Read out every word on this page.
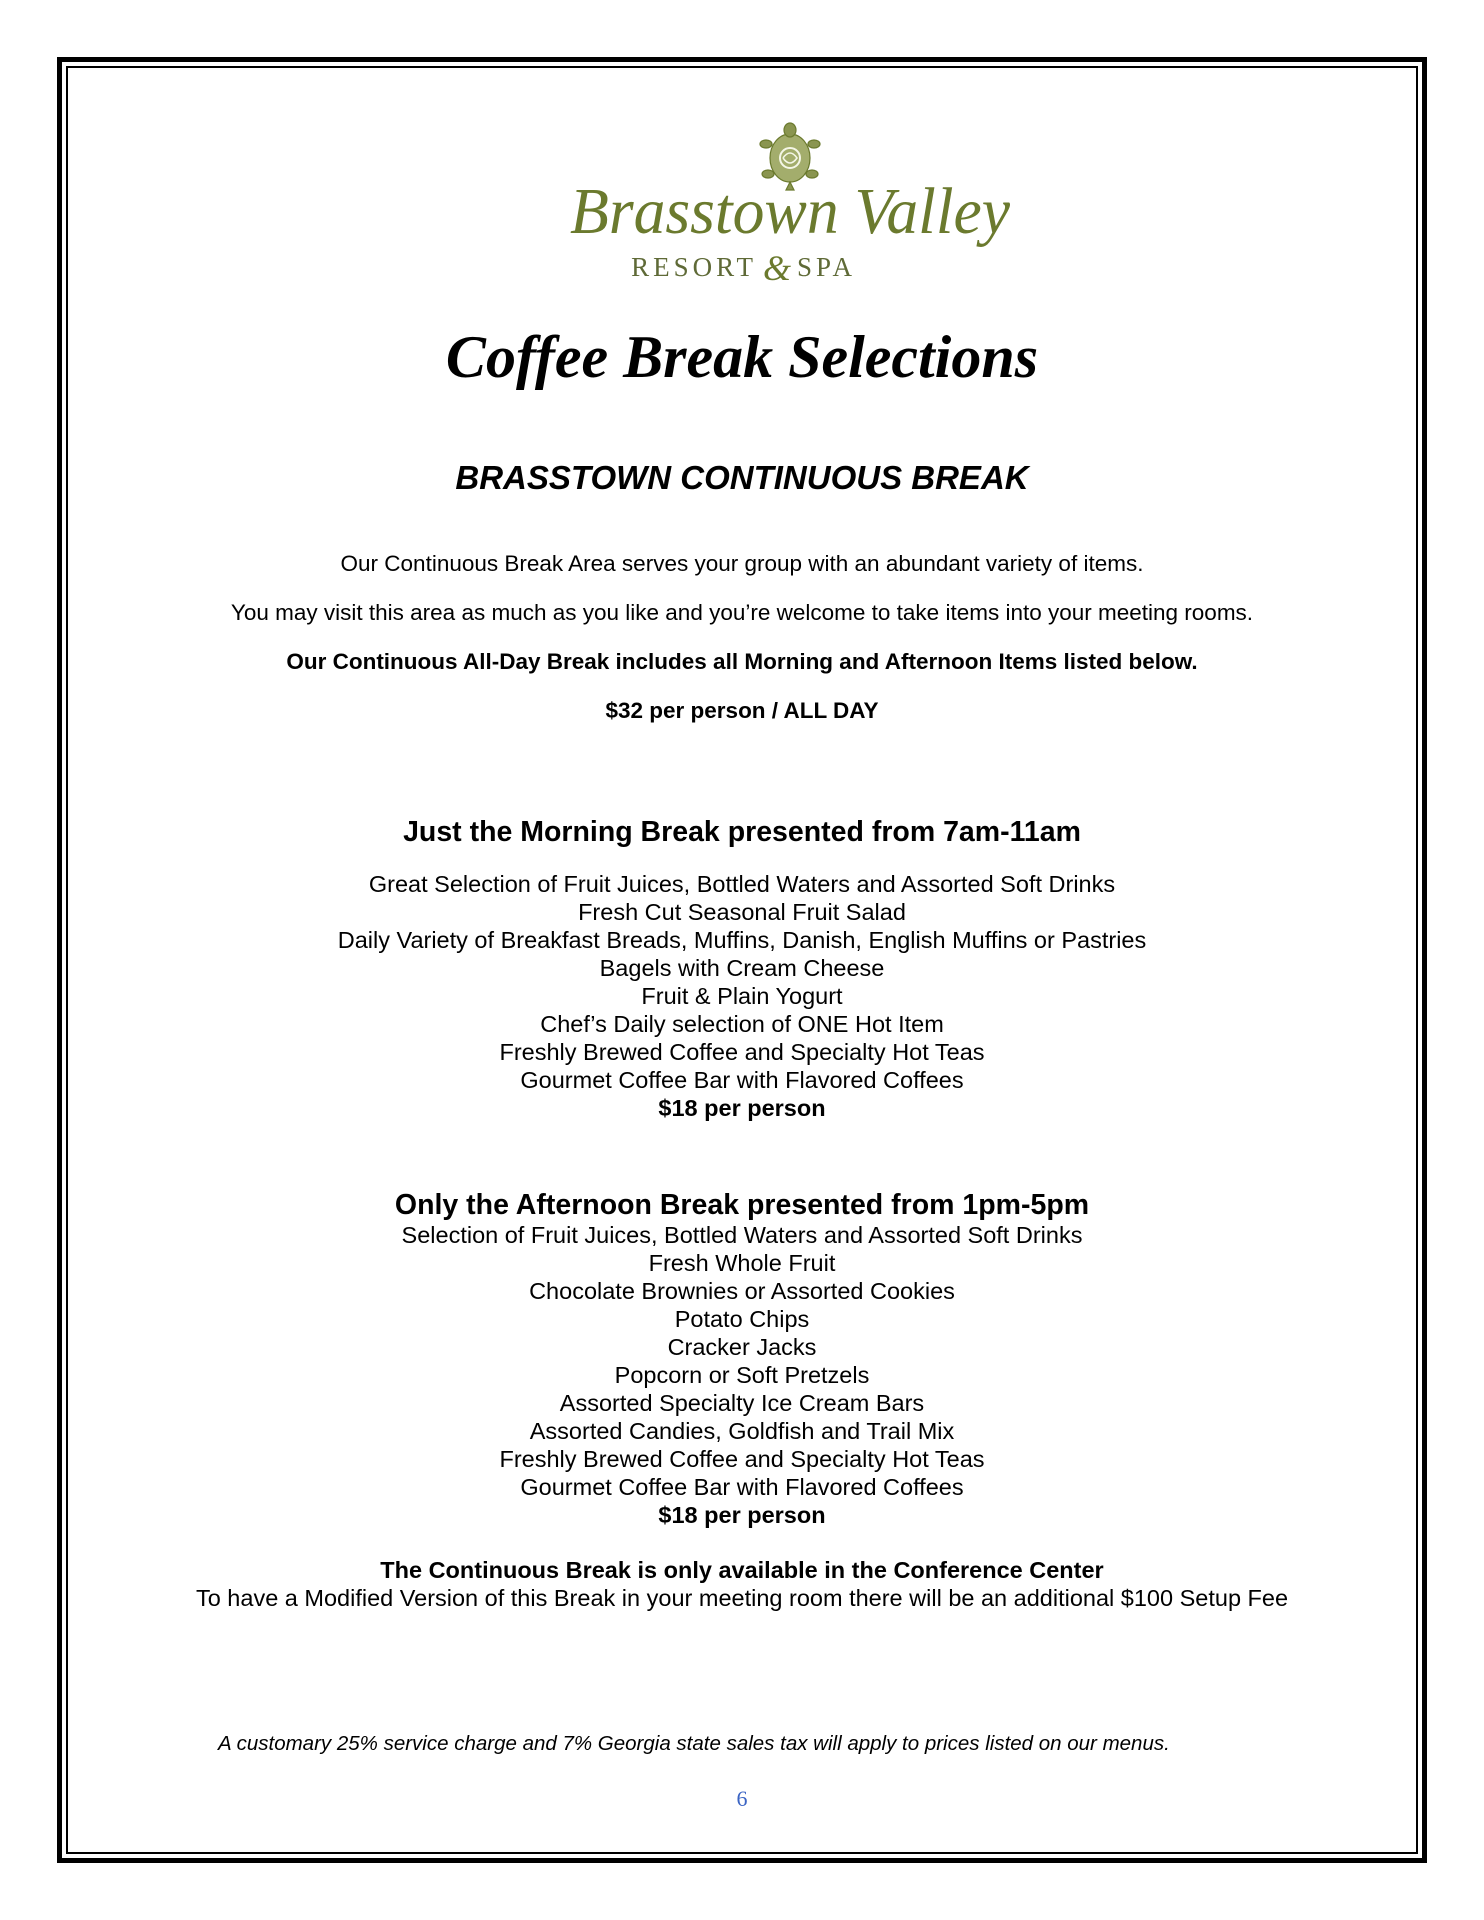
Brasstown Valley
RESORT & SPA
Coffee Break Selections
BRASSTOWN CONTINUOUS BREAK
Our Continuous Break Area serves your group with an abundant variety of items.
You may visit this area as much as you like and you’re welcome to take items into your meeting rooms.
Our Continuous All-Day Break includes all Morning and Afternoon Items listed below.
$32 per person / ALL DAY
Just the Morning Break presented from 7am-11am
Great Selection of Fruit Juices, Bottled Waters and Assorted Soft Drinks
Fresh Cut Seasonal Fruit Salad
Daily Variety of Breakfast Breads, Muffins, Danish, English Muffins or Pastries
Bagels with Cream Cheese
Fruit & Plain Yogurt
Chef’s Daily selection of ONE Hot Item
Freshly Brewed Coffee and Specialty Hot Teas
Gourmet Coffee Bar with Flavored Coffees
$18 per person
Only the Afternoon Break presented from 1pm-5pm
Selection of Fruit Juices, Bottled Waters and Assorted Soft Drinks
Fresh Whole Fruit
Chocolate Brownies or Assorted Cookies
Potato Chips
Cracker Jacks
Popcorn or Soft Pretzels
Assorted Specialty Ice Cream Bars
Assorted Candies, Goldfish and Trail Mix
Freshly Brewed Coffee and Specialty Hot Teas
Gourmet Coffee Bar with Flavored Coffees
$18 per person
The Continuous Break is only available in the Conference Center
To have a Modified Version of this Break in your meeting room there will be an additional $100 Setup Fee
A customary 25% service charge and 7% Georgia state sales tax will apply to prices listed on our menus.
6
